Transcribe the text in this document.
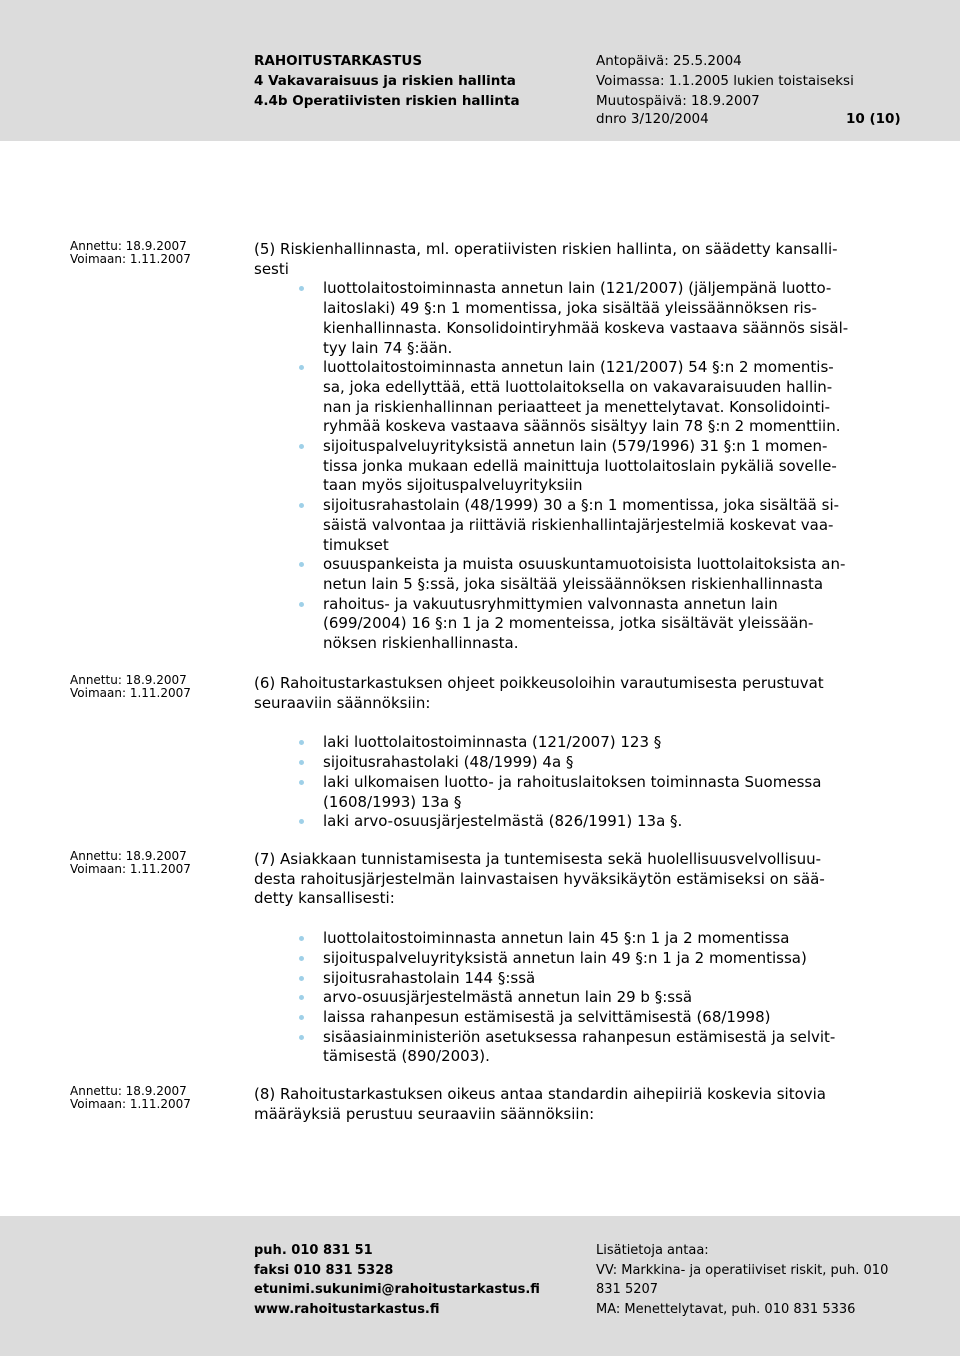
RAHOITUSTARKASTUS
4 Vakavaraisuus ja riskien hallinta
4.4b Operatiivisten riskien hallinta
Antopäivä: 25.5.2004
Voimassa: 1.1.2005 lukien toistaiseksi
Muutospäivä: 18.9.2007
dnro 3/120/2004	10 (10)
Annettu: 18.9.2007
Voimaan: 1.11.2007
Annettu: 18.9.2007
Voimaan: 1.11.2007
Annettu: 18.9.2007
Voimaan: 1.11.2007
Annettu: 18.9.2007
Voimaan: 1.11.2007
(5) Riskienhallinnasta, ml. operatiivisten riskien hallinta, on säädetty kansalli-
sesti
luottolaitostoiminnasta annetun lain (121/2007) (jäljempänä luotto-
laitoslaki) 49 §:n 1 momentissa, joka sisältää yleissäännöksen ris-
kienhallinnasta. Konsolidointiryhmää koskeva vastaava säännös sisäl-
tyy lain 74 §:ään.
luottolaitostoiminnasta annetun lain (121/2007) 54 §:n 2 momentis-
sa, joka edellyttää, että luottolaitoksella on vakavaraisuuden hallin-
nan ja riskienhallinnan periaatteet ja menettelytavat. Konsolidointi-
ryhmää koskeva vastaava säännös sisältyy lain 78 §:n 2 momenttiin.
sijoituspalveluyrityksistä annetun lain (579/1996) 31 §:n 1 momen-
tissa jonka mukaan edellä mainittuja luottolaitoslain pykäliä sovelle-
taan myös sijoituspalveluyrityksiin
sijoitusrahastolain (48/1999) 30 a §:n 1 momentissa, joka sisältää si-
säistä valvontaa ja riittäviä riskienhallintajärjestelmiä koskevat vaa-
timukset
osuuspankeista ja muista osuuskuntamuotoisista luottolaitoksista an-
netun lain 5 §:ssä, joka sisältää yleissäännöksen riskienhallinnasta
rahoitus- ja vakuutusryhmittymien valvonnasta annetun lain
(699/2004) 16 §:n 1 ja 2 momenteissa, jotka sisältävät yleissään-
nöksen riskienhallinnasta.
(6) Rahoitustarkastuksen ohjeet poikkeusoloihin varautumisesta perustuvat
seuraaviin säännöksiin:
laki luottolaitostoiminnasta (121/2007) 123 §
sijoitusrahastolaki (48/1999) 4a §
laki ulkomaisen luotto- ja rahoituslaitoksen toiminnasta Suomessa
(1608/1993) 13a §
laki arvo-osuusjärjestelmästä (826/1991) 13a §.
(7) Asiakkaan tunnistamisesta ja tuntemisesta sekä huolellisuusvelvollisuu-
desta rahoitusjärjestelmän lainvastaisen hyväksikäytön estämiseksi on sää-
detty kansallisesti:
luottolaitostoiminnasta annetun lain 45 §:n 1 ja 2 momentissa
sijoituspalveluyrityksistä annetun lain 49 §:n 1 ja 2 momentissa)
sijoitusrahastolain 144 §:ssä
arvo-osuusjärjestelmästä annetun lain 29 b §:ssä
laissa rahanpesun estämisestä ja selvittämisestä (68/1998)
sisäasiainministeriön asetuksessa rahanpesun estämisestä ja selvit-
tämisestä (890/2003).
(8) Rahoitustarkastuksen oikeus antaa standardin aihepiiriä koskevia sitovia
määräyksiä perustuu seuraaviin säännöksiin:
puh. 010 831 51
faksi 010 831 5328
etunimi.sukunimi@rahoitustarkastus.fi
www.rahoitustarkastus.fi
Lisätietoja antaa:
VV: Markkina- ja operatiiviset riskit, puh. 010
831 5207
MA: Menettelytavat, puh. 010 831 5336
